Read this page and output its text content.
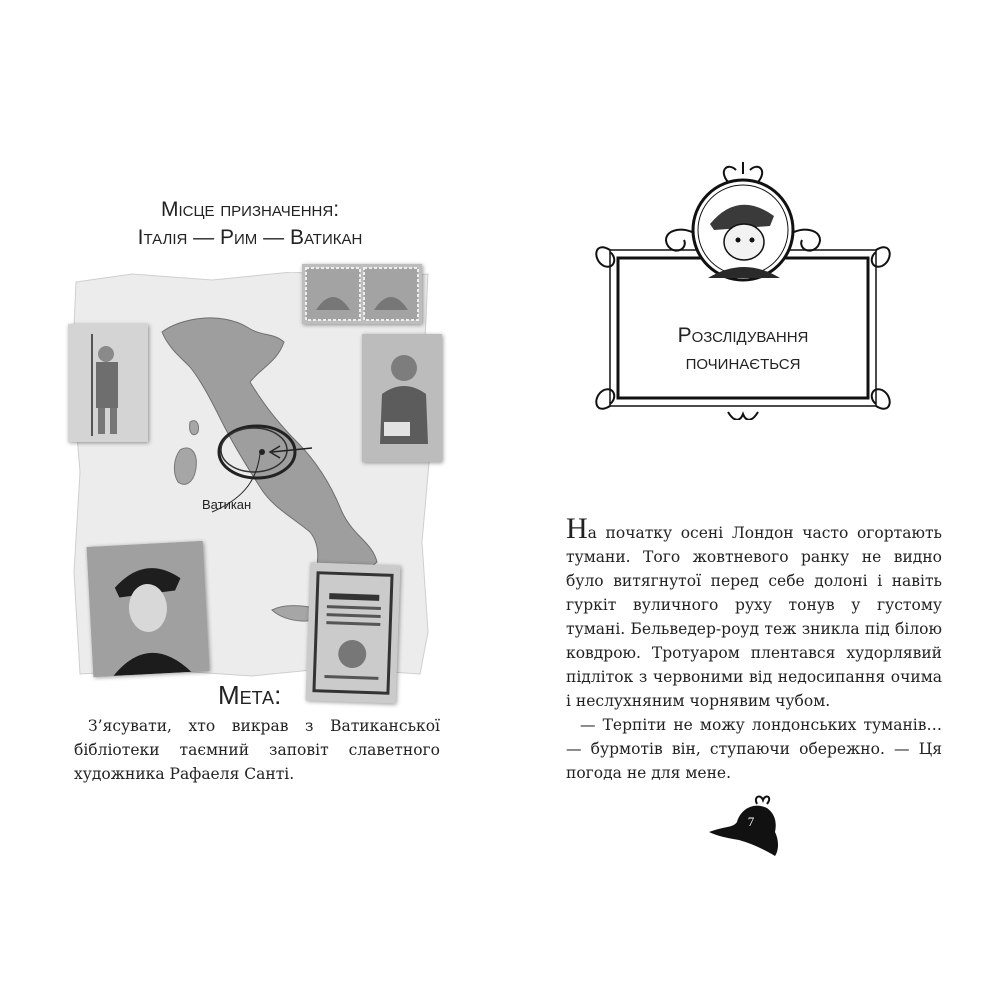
Місце призначення:
Італія — Рим — Ватикан
Ватикан
Мета:
З’ясувати, хто викрав з Ватиканської бібліотеки таємний заповіт славетного художника Рафаеля Санті.
Розслідування
починається

На початку осені Лондон часто огортають тумани. Того жовтневого ранку не видно було витягнутої перед себе долоні і навіть гуркіт вуличного руху тонув у густому тумані. Бельведер-роуд теж зникла під білою ковдрою. Тротуаром плентався худорлявий підліток з червоними від недосипання очима і неслухняним чорнявим чубом.

— Терпіти не можу лондонських туманів… — бурмотів він, ступаючи обережно. — Ця погода не для мене.

7
